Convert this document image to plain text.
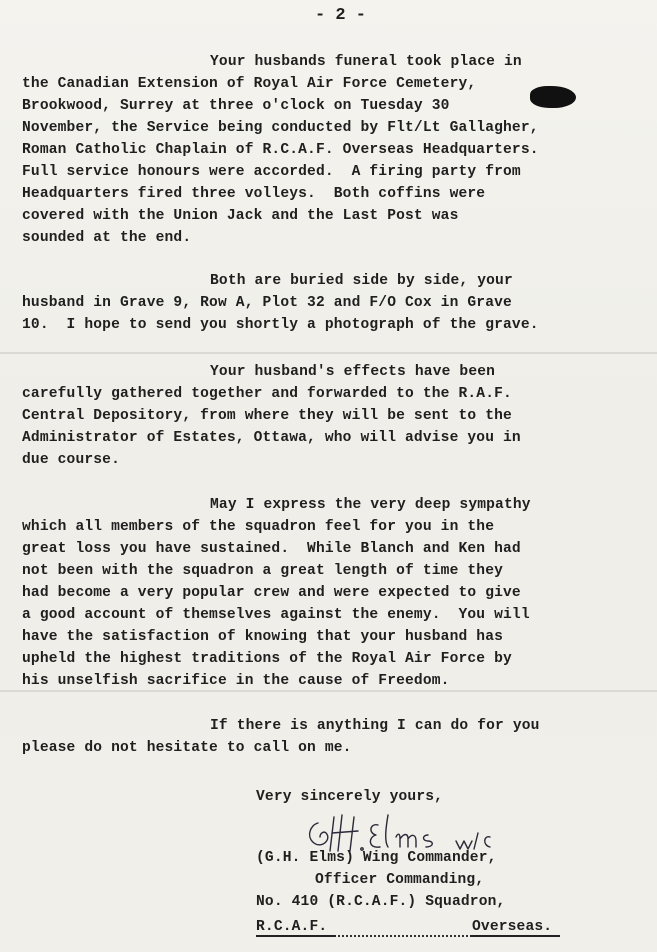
- 2 -
Your husbands funeral took place in
the Canadian Extension of Royal Air Force Cemetery,
Brookwood, Surrey at three o'clock on Tuesday 30
November, the Service being conducted by Flt/Lt Gallagher,
Roman Catholic Chaplain of R.C.A.F. Overseas Headquarters.
Full service honours were accorded.  A firing party from
Headquarters fired three volleys.  Both coffins were
covered with the Union Jack and the Last Post was
sounded at the end.
Both are buried side by side, your
husband in Grave 9, Row A, Plot 32 and F/O Cox in Grave
10.  I hope to send you shortly a photograph of the grave.
Your husband's effects have been
carefully gathered together and forwarded to the R.A.F.
Central Depository, from where they will be sent to the
Administrator of Estates, Ottawa, who will advise you in
due course.
May I express the very deep sympathy
which all members of the squadron feel for you in the
great loss you have sustained.  While Blanch and Ken had
not been with the squadron a great length of time they
had become a very popular crew and were expected to give
a good account of themselves against the enemy.  You will
have the satisfaction of knowing that your husband has
upheld the highest traditions of the Royal Air Force by
his unselfish sacrifice in the cause of Freedom.
If there is anything I can do for you
please do not hesitate to call on me.
Very sincerely yours,
(G.H. Elms) Wing Commander,
Officer Commanding,
No. 410 (R.C.A.F.) Squadron,
R.C.A.F.	Overseas.
